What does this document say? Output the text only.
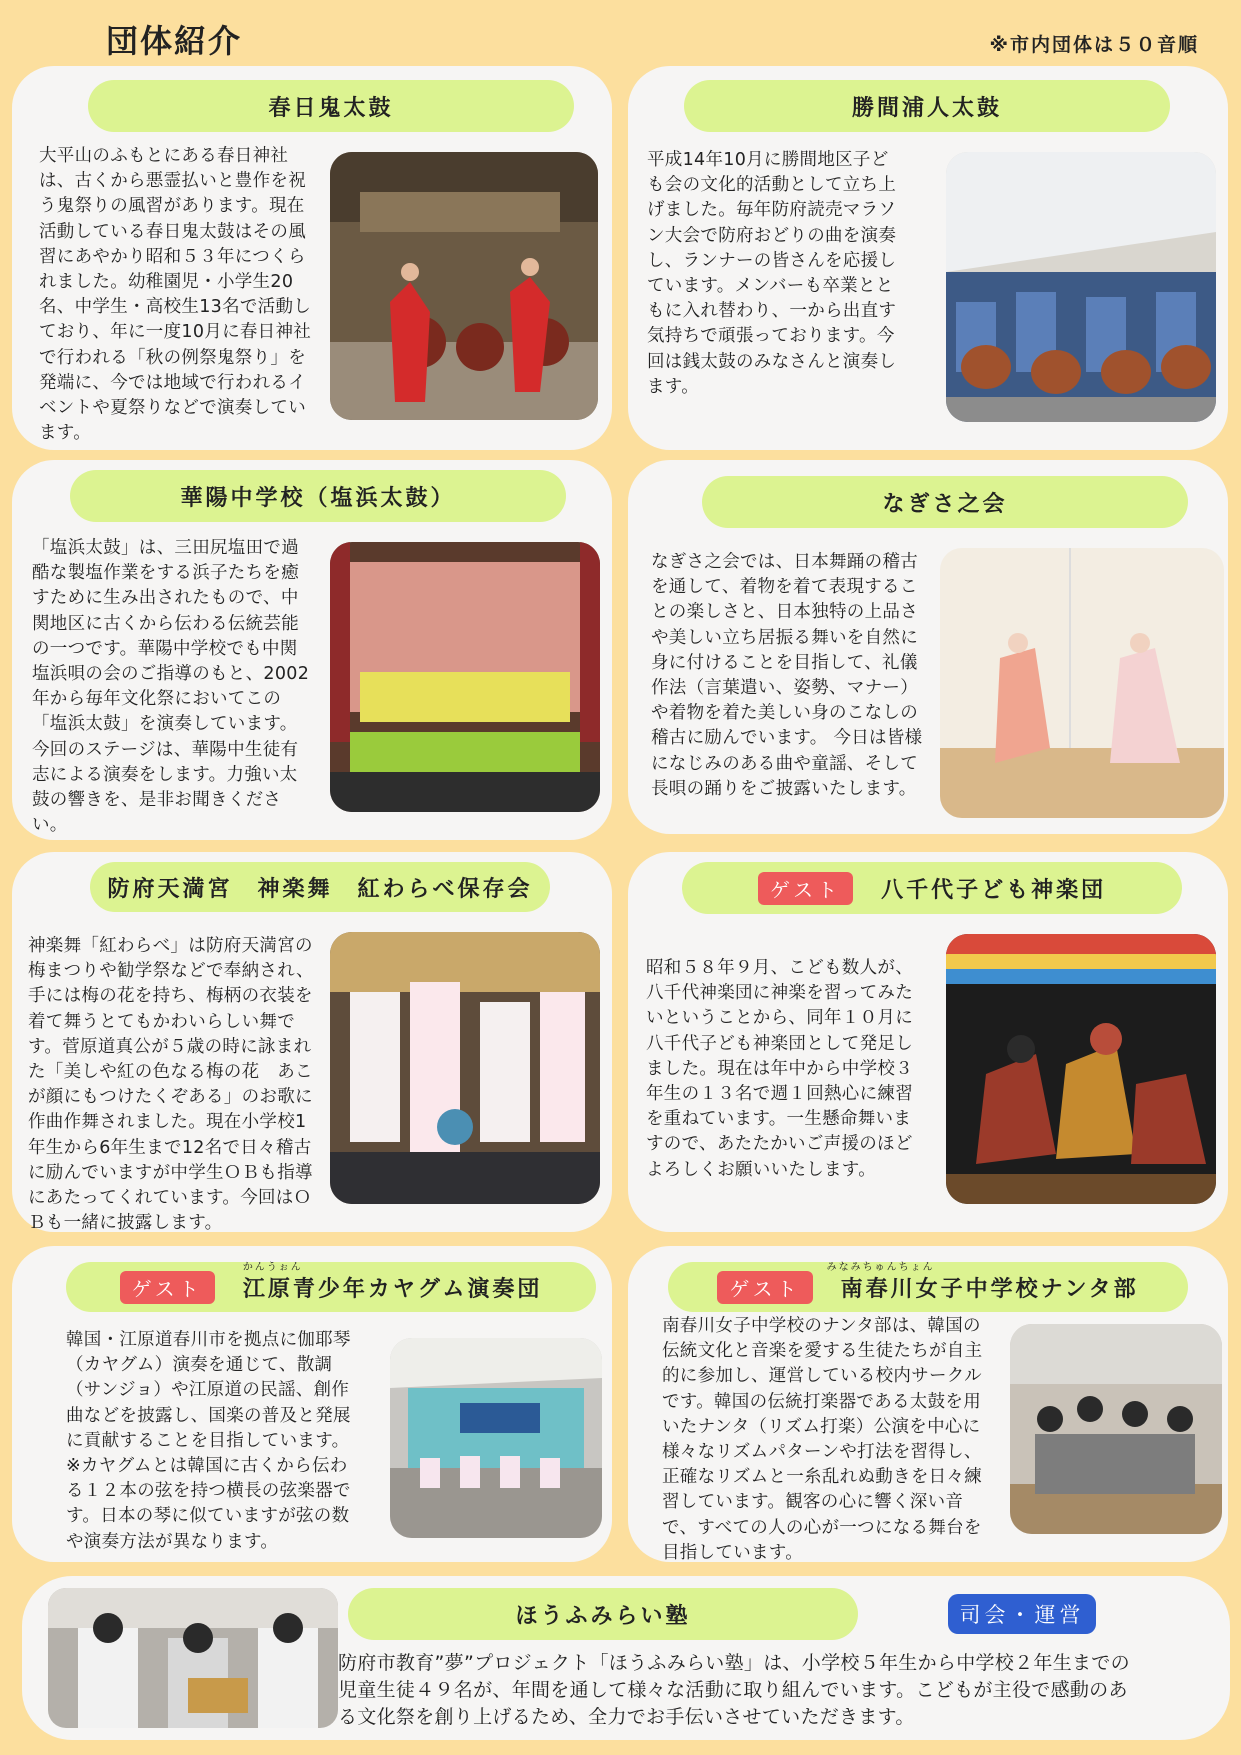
団体紹介	※市内団体は５０音順
春日鬼太鼓

大平山のふもとにある春日神社
は、古くから悪霊払いと豊作を祝
う鬼祭りの風習があります。現在
活動している春日鬼太鼓はその風
習にあやかり昭和５３年につくら
れました。幼稚園児・小学生20
名、中学生・高校生13名で活動し
ており、年に一度10月に春日神社
で行われる「秋の例祭鬼祭り」を
発端に、今では地域で行われるイ
ベントや夏祭りなどで演奏してい
ます。

勝間浦人太鼓

平成14年10月に勝間地区子ど
も会の文化的活動として立ち上
げました。毎年防府読売マラソ
ン大会で防府おどりの曲を演奏
し、ランナーの皆さんを応援し
ています。メンバーも卒業とと
もに入れ替わり、一から出直す
気持ちで頑張っております。今
回は銭太鼓のみなさんと演奏し
ます。

華陽中学校（塩浜太鼓）

「塩浜太鼓」は、三田尻塩田で過
酷な製塩作業をする浜子たちを癒
すために生み出されたもので、中
関地区に古くから伝わる伝統芸能
の一つです。華陽中学校でも中関
塩浜唄の会のご指導のもと、2002
年から毎年文化祭においてこの
「塩浜太鼓」を演奏しています。
今回のステージは、華陽中生徒有
志による演奏をします。力強い太
鼓の響きを、是非お聞きくださ
い。

なぎさ之会

なぎさ之会では、日本舞踊の稽古
を通して、着物を着て表現するこ
との楽しさと、日本独特の上品さ
や美しい立ち居振る舞いを自然に
身に付けることを目指して、礼儀
作法（言葉遣い、姿勢、マナー）
や着物を着た美しい身のこなしの
稽古に励んでいます。 今日は皆様
になじみのある曲や童謡、そして
長唄の踊りをご披露いたします。

防府天満宮　神楽舞　紅わらべ保存会

神楽舞「紅わらべ」は防府天満宮の
梅まつりや勧学祭などで奉納され、
手には梅の花を持ち、梅柄の衣装を
着て舞うとてもかわいらしい舞で
す。菅原道真公が５歳の時に詠まれ
た「美しや紅の色なる梅の花　あこ
が顔にもつけたくぞある」のお歌に
作曲作舞されました。現在小学校1
年生から6年生まで12名で日々稽古
に励んでいますが中学生ＯＢも指導
にあたってくれています。今回はＯ
Ｂも一緒に披露します。

ゲスト	八千代子ども神楽団

昭和５８年９月、こども数人が、
八千代神楽団に神楽を習ってみた
いということから、同年１０月に
八千代子ども神楽団として発足し
ました。現在は年中から中学校３
年生の１３名で週１回熱心に練習
を重ねています。一生懸命舞いま
すので、あたたかいご声援のほど
よろしくお願いいたします。

ゲスト
かんうぉん
江原青少年カヤグム演奏団

韓国・江原道春川市を拠点に伽耶琴
（カヤグム）演奏を通じて、散調
（サンジョ）や江原道の民謡、創作
曲などを披露し、国楽の普及と発展
に貢献することを目指しています。
※カヤグムとは韓国に古くから伝わ
る１２本の弦を持つ横長の弦楽器で
す。日本の琴に似ていますが弦の数
や演奏方法が異なります。

ゲスト
みなみちゅんちょん
南春川女子中学校ナンタ部

南春川女子中学校のナンタ部は、韓国の
伝統文化と音楽を愛する生徒たちが自主
的に参加し、運営している校内サークル
です。韓国の伝統打楽器である太鼓を用
いたナンタ（リズム打楽）公演を中心に
様々なリズムパターンや打法を習得し、
正確なリズムと一糸乱れぬ動きを日々練
習しています。観客の心に響く深い音
で、すべての人の心が一つになる舞台を
目指しています。

ほうふみらい塾	司会・運営

防府市教育”夢”プロジェクト「ほうふみらい塾」は、小学校５年生から中学校２年生までの
児童生徒４９名が、年間を通して様々な活動に取り組んでいます。こどもが主役で感動のあ
る文化祭を創り上げるため、全力でお手伝いさせていただきます。
